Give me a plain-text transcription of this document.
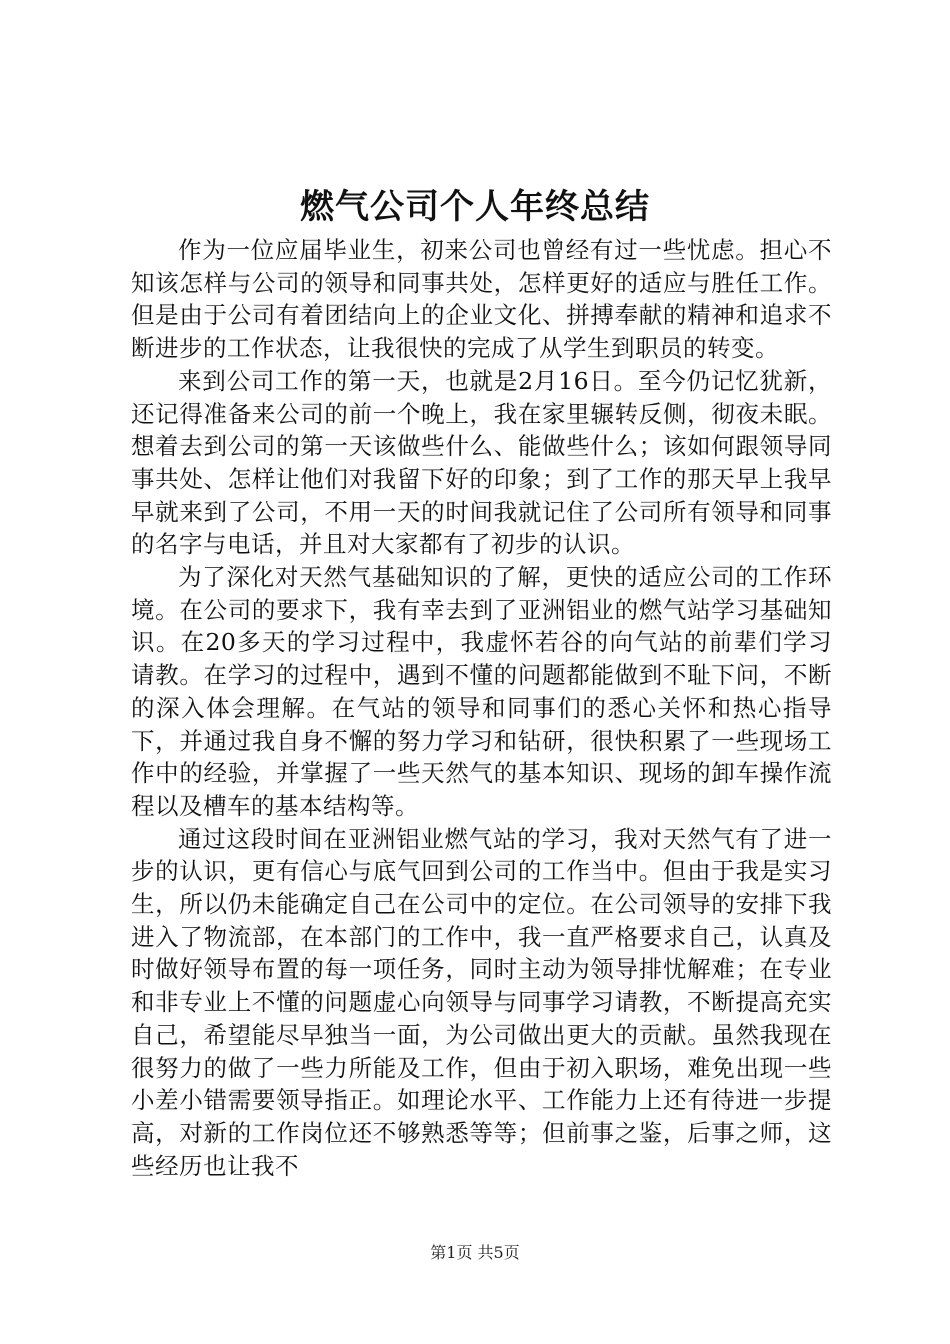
燃气公司个人年终总结

作为一位应届毕业生，初来公司也曾经有过一些忧虑。担心不知该怎样与公司的领导和同事共处，怎样更好的适应与胜任工作。但是由于公司有着团结向上的企业文化、拼搏奉献的精神和追求不断进步的工作状态，让我很快的完成了从学生到职员的转变。

来到公司工作的第一天，也就是2月16日。至今仍记忆犹新，还记得准备来公司的前一个晚上，我在家里辗转反侧，彻夜未眠。想着去到公司的第一天该做些什么、能做些什么；该如何跟领导同事共处、怎样让他们对我留下好的印象；到了工作的那天早上我早早就来到了公司，不用一天的时间我就记住了公司所有领导和同事的名字与电话，并且对大家都有了初步的认识。

为了深化对天然气基础知识的了解，更快的适应公司的工作环境。在公司的要求下，我有幸去到了亚洲铝业的燃气站学习基础知识。在20多天的学习过程中，我虚怀若谷的向气站的前辈们学习请教。在学习的过程中，遇到不懂的问题都能做到不耻下问，不断的深入体会理解。在气站的领导和同事们的悉心关怀和热心指导下，并通过我自身不懈的努力学习和钻研，很快积累了一些现场工作中的经验，并掌握了一些天然气的基本知识、现场的卸车操作流程以及槽车的基本结构等。

通过这段时间在亚洲铝业燃气站的学习，我对天然气有了进一步的认识，更有信心与底气回到公司的工作当中。但由于我是实习生，所以仍未能确定自己在公司中的定位。在公司领导的安排下我进入了物流部，在本部门的工作中，我一直严格要求自己，认真及时做好领导布置的每一项任务，同时主动为领导排忧解难；在专业和非专业上不懂的问题虚心向领导与同事学习请教，不断提高充实自己，希望能尽早独当一面，为公司做出更大的贡献。虽然我现在很努力的做了一些力所能及工作，但由于初入职场，难免出现一些小差小错需要领导指正。如理论水平、工作能力上还有待进一步提高，对新的工作岗位还不够熟悉等等；但前事之鉴，后事之师，这些经历也让我不

第1页 共5页
